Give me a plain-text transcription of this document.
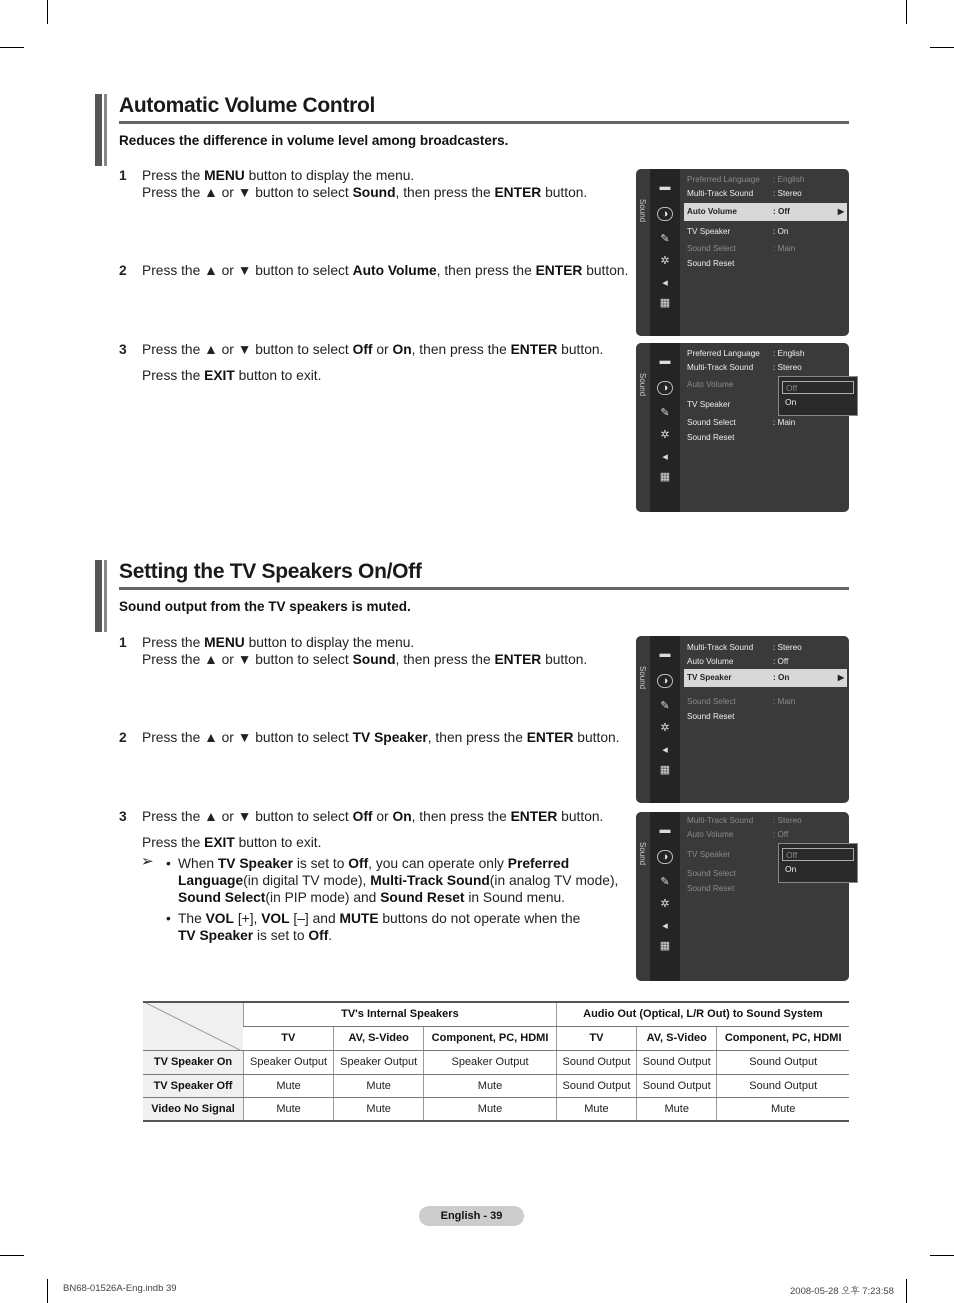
Automatic Volume Control
Reduces the difference in volume level among broadcasters.
1 Press the MENU button to display the menu.
Press the ▲ or ▼ button to select Sound, then press the ENTER button.
2 Press the ▲ or ▼ button to select Auto Volume, then press the ENTER button.
3 Press the ▲ or ▼ button to select Off or On, then press the ENTER button.
Press the EXIT button to exit.
Sound
▬
◑
✎
✲
◂
▦
Preferred Language : English
Multi-Track Sound : Stereo
Auto Volume	: Off	▶
TV Speaker	: On
Sound Select	: Main
Sound Reset
Sound
▬
◑
✎
✲
◂
▦
Preferred Language : English
Multi-Track Sound : Stereo
Auto Volume
TV Speaker
Sound Select	: Main
Sound Reset
Off
On
Setting the TV Speakers On/Off
Sound output from the TV speakers is muted.
1 Press the MENU button to display the menu.
Press the ▲ or ▼ button to select Sound, then press the ENTER button.
2 Press the ▲ or ▼ button to select TV Speaker, then press the ENTER button.
3 Press the ▲ or ▼ button to select Off or On, then press the ENTER button.
Press the EXIT button to exit.
➢ • When TV Speaker is set to Off, you can operate only Preferred
Language(in digital TV mode), Multi-Track Sound(in analog TV mode),
Sound Select(in PIP mode) and Sound Reset in Sound menu.
• The VOL [+], VOL [–] and MUTE buttons do not operate when the
TV Speaker is set to Off.
Sound
▬
◑
✎
✲
◂
▦
Multi-Track Sound : Stereo
Auto Volume	: Off
TV Speaker	: On	▶
Sound Select	: Main
Sound Reset
Sound
▬
◑
✎
✲
◂
▦
Multi-Track Sound : Stereo
Auto Volume	: Off
TV Speaker
Sound Select
Sound Reset
Off
On
	TV's Internal Speakers			Audio Out (Optical, L/R Out) to Sound System		
	TV	AV, S-Video	Component, PC, HDMI	TV	AV, S-Video	Component, PC, HDMI
TV Speaker On	Speaker Output	Speaker Output	Speaker Output	Sound Output	Sound Output	Sound Output
TV Speaker Off	Mute	Mute	Mute	Sound Output	Sound Output	Sound Output
Video No Signal	Mute	Mute	Mute	Mute	Mute	Mute
English - 39
BN68-01526A-Eng.indb 39	2008-05-28 오후 7:23:58
